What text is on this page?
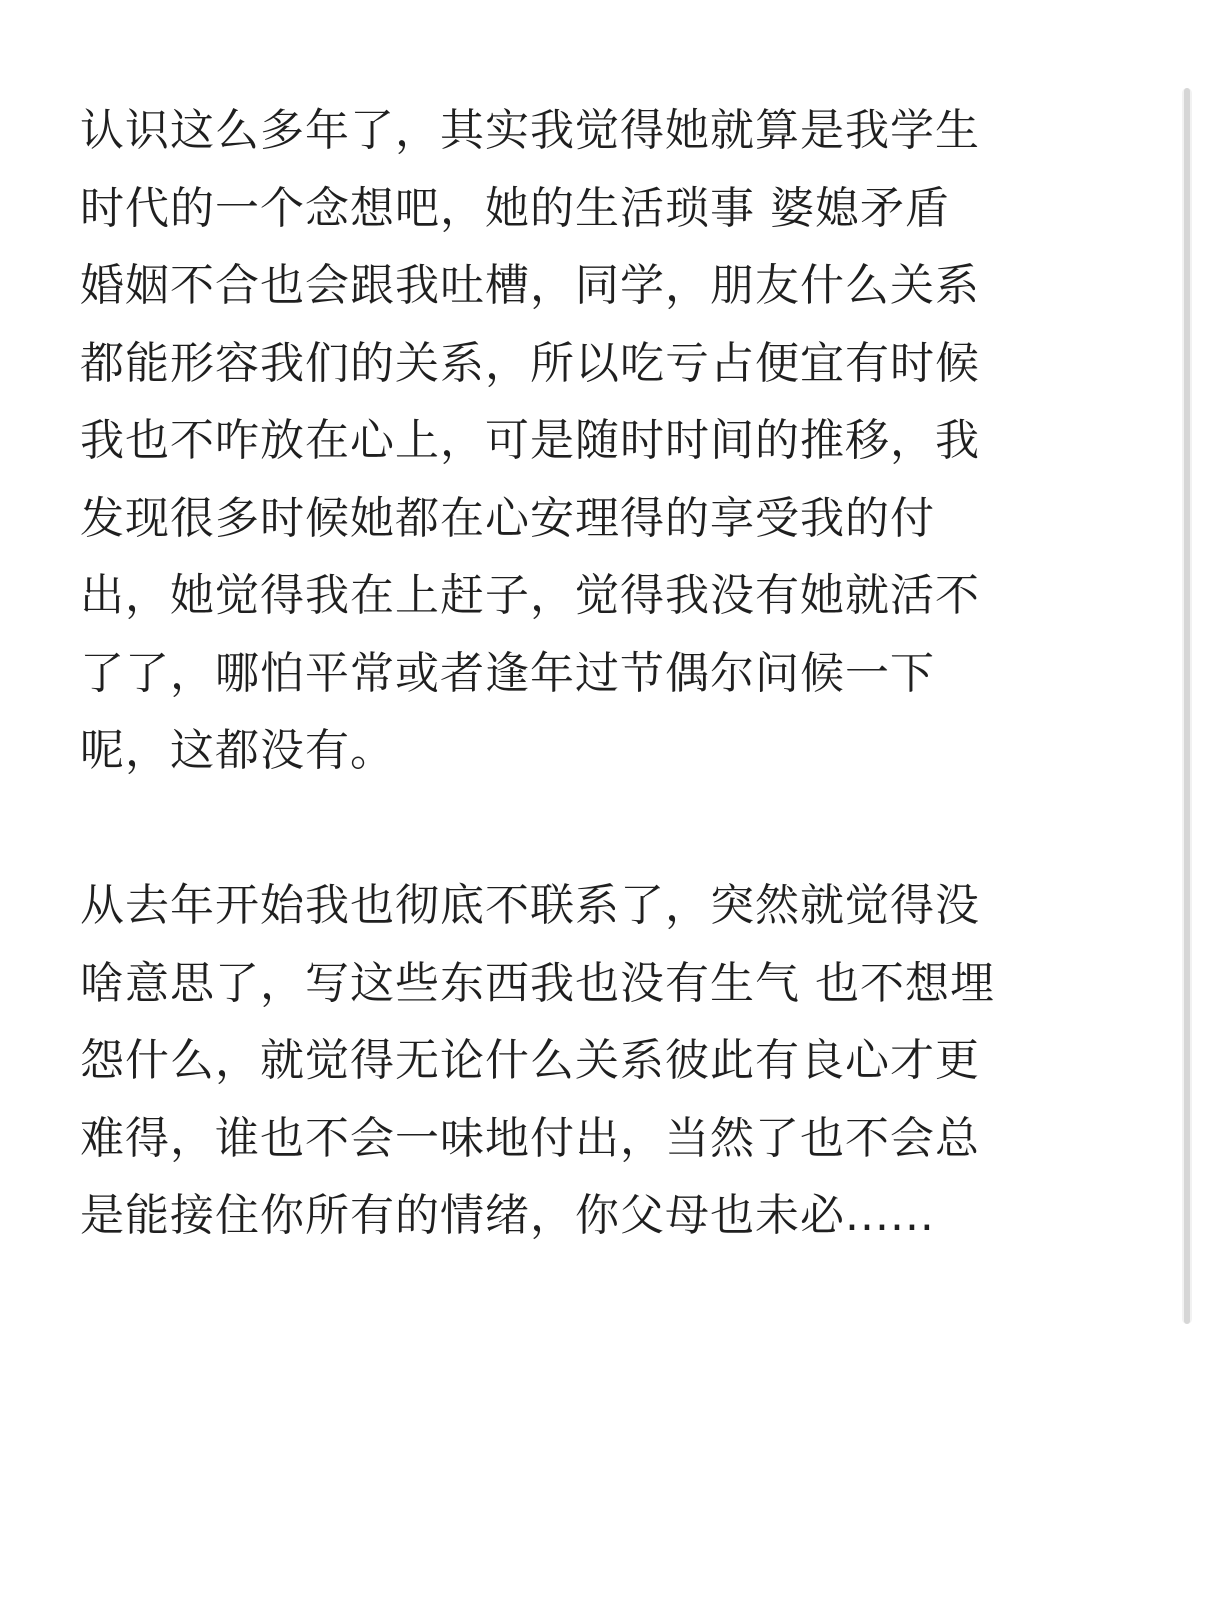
认识这么多年了，其实我觉得她就算是我学生
时代的一个念想吧，她的生活琐事 婆媳矛盾
婚姻不合也会跟我吐槽，同学，朋友什么关系
都能形容我们的关系，所以吃亏占便宜有时候
我也不咋放在心上，可是随时时间的推移，我
发现很多时候她都在心安理得的享受我的付
出，她觉得我在上赶子，觉得我没有她就活不
了了，哪怕平常或者逢年过节偶尔问候一下
呢，这都没有。
从去年开始我也彻底不联系了，突然就觉得没
啥意思了，写这些东西我也没有生气 也不想埋
怨什么，就觉得无论什么关系彼此有良心才更
难得，谁也不会一味地付出，当然了也不会总
是能接住你所有的情绪，你父母也未必......
